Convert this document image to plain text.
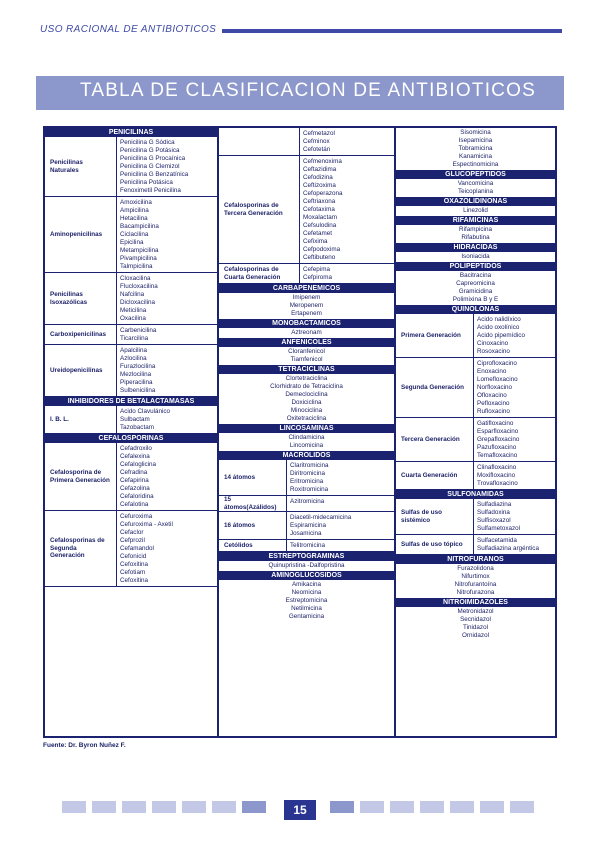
USO RACIONAL DE ANTIBIOTICOS
TABLA DE CLASIFICACION DE ANTIBIOTICOS
PENICILINAS
Penicilinas Naturales
Penicilina G Sódica
Penicilina G Potásica
Penicilina G Procaínica
Penicilina G Clemizol
Penicilina G Benzatínica
Penicilina Potásica
Fenoximetil Penicilina
Aminopenicilinas
Amoxicilina
Ampicilina
Hetacilina
Bacampicilina
Ciclacilina
Epicilina
Metampicilina
Pivampicilina
Talmpicilina
Penicilinas Isoxazólicas
Cloxacilina
Flucloxacilina
Nafcilina
Dicloxacilina
Meticilina
Oxacilina
Carboxipenicilinas
Carbenicilina
Ticarcilina
Ureidopenicilinas
Apalcilina
Azlocilina
Furazlocilina
Mezlocilina
Piperacilina
Sulbenicilina
INHIBIDORES DE BETALACTAMASAS
I. B. L.
Acido Clavulánico
Sulbactam
Tazobactam
CEFALOSPORINAS
Cefalosporina de Primera Generación
Cefadroxilo
Cefalexina
Cefaloglicina
Cefradina
Cefapirina
Cefazolina
Cefaloridina
Cefalotina
Cefalosporinas de Segunda Generación
Cefuroxima
Cefuroxima - Axetil
Cefaclor
Cefprozil
Cefamandol
Cefonicid
Cefoxitina
Cefotiam
Cefoxitina
Cefmetazol
Cefminox
Cefotetán
Cefalosporinas de Tercera Generación
Cefmenoxima
Ceftazidima
Cefodizina
Ceftizoxima
Cefoperazona
Ceftriaxona
Cefotaxima
Moxalactam
Cefsulodina
Cefetamet
Cefixima
Cefpodoxima
Ceftibuteno
Cefalosporinas de Cuarta Generación
Cefepima
Cefpiroma
CARBAPENEMICOS
Imipenem
Meropenem
Ertapenem
MONOBACTAMICOS
Aztreonam
ANFENICOLES
Cloranfenicol
Tiamfenicol
TETRACICLINAS
Clortetraciclina
Clorhidrato de Tetraciclina
Demeclociclina
Doxiciclina
Minociclina
Oxitetraciclina
LINCOSAMINAS
Clindamicina
Lincomicina
MACROLIDOS
14 átomos
Claritromicina
Diritromicina
Eritromicina
Roxitromicina
15 átomos(Azálidos)
Azitromicina
16 átomos
Diacetil-midecamicina
Espiramicina
Josamicina
Cetólidos	Telitromicina
ESTREPTOGRAMINAS
Quinupristina -Dalfopristina
AMINOGLUCOSIDOS
Amikacina
Neomicina
Estreptomicina
Netilmicina
Gentamicina
Sisomicina
Isepamicina
Tobramicina
Kanamicina
Espectinomicina
GLUCOPEPTIDOS
Vancomicina
Teicoplanina
OXAZOLIDINONAS
Linezolid
RIFAMICINAS
Rifampicina
Rifabutina
HIDRACIDAS
Isoniacida
POLIPEPTIDOS
Bacitracina
Capreomicina
Gramicidina
Polimixina B y E
QUINOLONAS
Primera Generación
Acido nalidíxico
Acido oxolínico
Acido pipemídico
Cinoxacino
Rosoxacino
Segunda Generación
Ciprofloxacino
Enoxacino
Lomefloxacino
Norfloxacino
Ofloxacino
Pefloxacino
Rufloxacino
Tercera Generación
Gatifloxacino
Esparfloxacino
Grepafloxacino
Pazufloxacino
Temafloxacino
Cuarta Generación
Clinafloxacino
Moxifloxacino
Trovafloxacino
SULFONAMIDAS
Sulfas de uso sistémico
Sulfadiazina
Sulfadoxina
Sulfisoxazol
Sulfametoxazol
Sulfas de uso tópico
Sulfacetamida
Sulfadiazina argéntica
NITROFURANOS
Furazolidona
Nifurtimox
Nitrofurantoína
Nitrofurazona
NITROIMIDAZOLES
Metronidazol
Secnidazol
Tinidazol
Ornidazol
Fuente: Dr. Byron Nuñez F.
15
